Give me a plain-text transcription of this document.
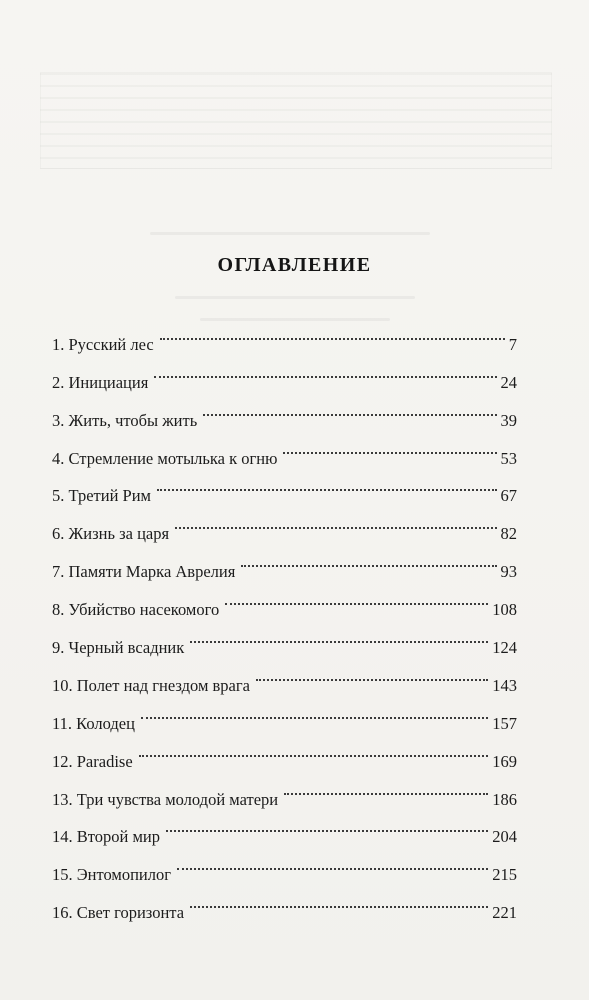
ОГЛАВЛЕНИЕ
1. Русский лес	7
2. Инициация	24
3. Жить, чтобы жить	39
4. Стремление мотылька к огню	53
5. Третий Рим	67
6. Жизнь за царя	82
7. Памяти Марка Аврелия	93
8. Убийство насекомого	108
9. Черный всадник	124
10. Полет над гнездом врага	143
11. Колодец	157
12. Paradise	169
13. Три чувства молодой матери	186
14. Второй мир	204
15. Энтомопилог	215
16. Свет горизонта	221
